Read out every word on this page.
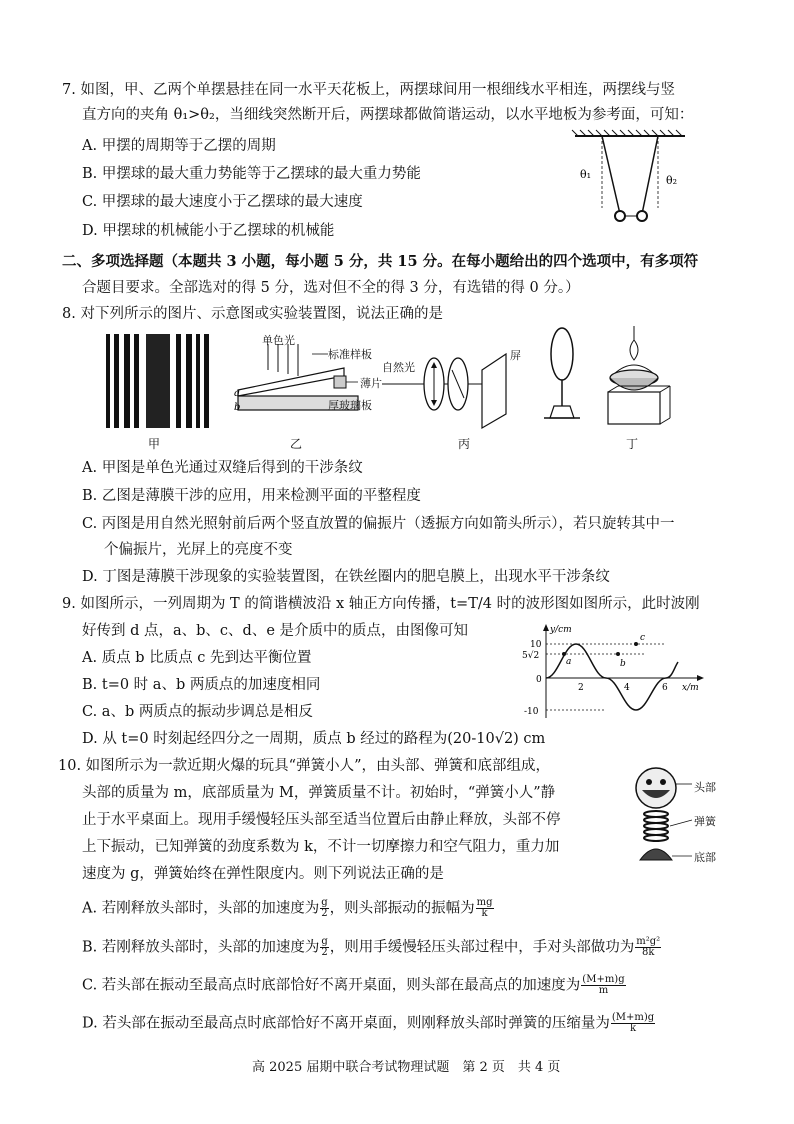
7. 如图，甲、乙两个单摆悬挂在同一水平天花板上，两摆球间用一根细线水平相连，两摆线与竖
直方向的夹角 θ₁>θ₂，当细线突然断开后，两摆球都做简谐运动，以水平地板为参考面，可知：
A. 甲摆的周期等于乙摆的周期
B. 甲摆球的最大重力势能等于乙摆球的最大重力势能
C. 甲摆球的最大速度小于乙摆球的最大速度
D. 甲摆球的机械能小于乙摆球的机械能
θ₁	θ₂
二、多项选择题（本题共 3 小题，每小题 5 分，共 15 分。在每小题给出的四个选项中，有多项符
合题目要求。全部选对的得 5 分，选对但不全的得 3 分，有选错的得 0 分。）
8. 对下列所示的图片、示意图或实验装置图，说法正确的是
甲
a
b
单色光
标准样板
薄片
厚玻璃板
乙
自然光
屏
丙	丁
A. 甲图是单色光通过双缝后得到的干涉条纹
B. 乙图是薄膜干涉的应用，用来检测平面的平整程度
C. 丙图是用自然光照射前后两个竖直放置的偏振片（透振方向如箭头所示），若只旋转其中一
个偏振片，光屏上的亮度不变
D. 丁图是薄膜干涉现象的实验装置图，在铁丝圈内的肥皂膜上，出现水平干涉条纹
9. 如图所示，一列周期为 T 的简谐横波沿 x 轴正方向传播，t=T/4 时的波形图如图所示，此时波刚
好传到 d 点，a、b、c、d、e 是介质中的质点，由图像可知
A. 质点 b 比质点 c 先到达平衡位置
B. t=0 时 a、b 两质点的加速度相同
C. a、b 两质点的振动步调总是相反
D. 从 t=0 时刻起经四分之一周期，质点 b 经过的路程为(20-10√2) cm
y/cm
x/m
10
5√2
0
-10
2	4	6
a	b
c
10. 如图所示为一款近期火爆的玩具“弹簧小人”，由头部、弹簧和底部组成，
头部的质量为 m，底部质量为 M，弹簧质量不计。初始时，“弹簧小人”静
止于水平桌面上。现用手缓慢轻压头部至适当位置后由静止释放，头部不停
上下振动，已知弹簧的劲度系数为 k，不计一切摩擦力和空气阻力，重力加
速度为 g，弹簧始终在弹性限度内。则下列说法正确的是
头部
弹簧
底部
A. 若刚释放头部时，头部的加速度为 $\frac{g}{2}$ ，则头部振动的振幅为 $\frac{mg}{k}$
B. 若刚释放头部时，头部的加速度为 $\frac{g}{2}$ ，则用手缓慢轻压头部过程中，手对头部做功为 $\frac{\text{m²g²}}{8k}$
C. 若头部在振动至最高点时底部恰好不离开桌面，则头部在最高点的加速度为 $\frac{(M+m)g}{m}$
D. 若头部在振动至最高点时底部恰好不离开桌面，则刚释放头部时弹簧的压缩量为 $\frac{(M+m)g}{k}$
高 2025 届期中联合考试物理试题　第 2 页　共 4 页
